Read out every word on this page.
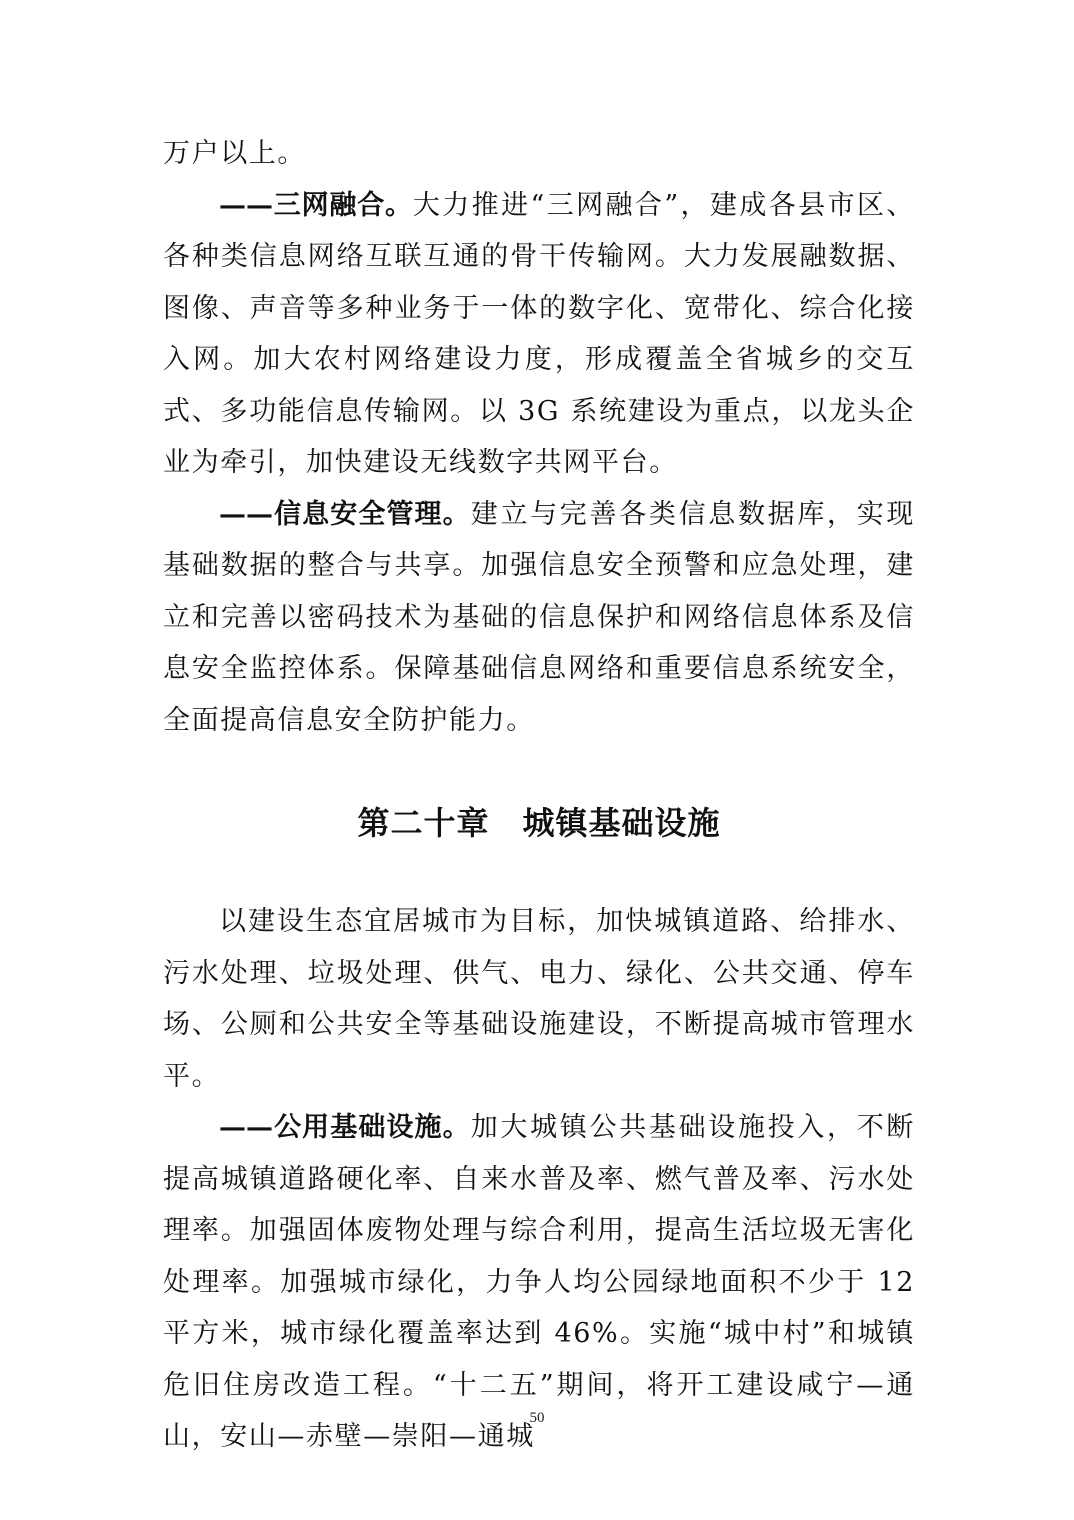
万户以上。

——三网融合。大力推进“三网融合”，建成各县市区、各种类信息网络互联互通的骨干传输网。大力发展融数据、图像、声音等多种业务于一体的数字化、宽带化、综合化接入网。加大农村网络建设力度，形成覆盖全省城乡的交互式、多功能信息传输网。以 3G 系统建设为重点，以龙头企业为牵引，加快建设无线数字共网平台。

——信息安全管理。建立与完善各类信息数据库，实现基础数据的整合与共享。加强信息安全预警和应急处理，建立和完善以密码技术为基础的信息保护和网络信息体系及信息安全监控体系。保障基础信息网络和重要信息系统安全，全面提高信息安全防护能力。

第二十章　城镇基础设施

以建设生态宜居城市为目标，加快城镇道路、给排水、污水处理、垃圾处理、供气、电力、绿化、公共交通、停车场、公厕和公共安全等基础设施建设，不断提高城市管理水平。

——公用基础设施。加大城镇公共基础设施投入，不断提高城镇道路硬化率、自来水普及率、燃气普及率、污水处理率。加强固体废物处理与综合利用，提高生活垃圾无害化处理率。加强城市绿化，力争人均公园绿地面积不少于 12 平方米，城市绿化覆盖率达到 46%。实施“城中村”和城镇危旧住房改造工程。“十二五”期间，将开工建设咸宁—通山，安山—赤壁—崇阳—通城

50
